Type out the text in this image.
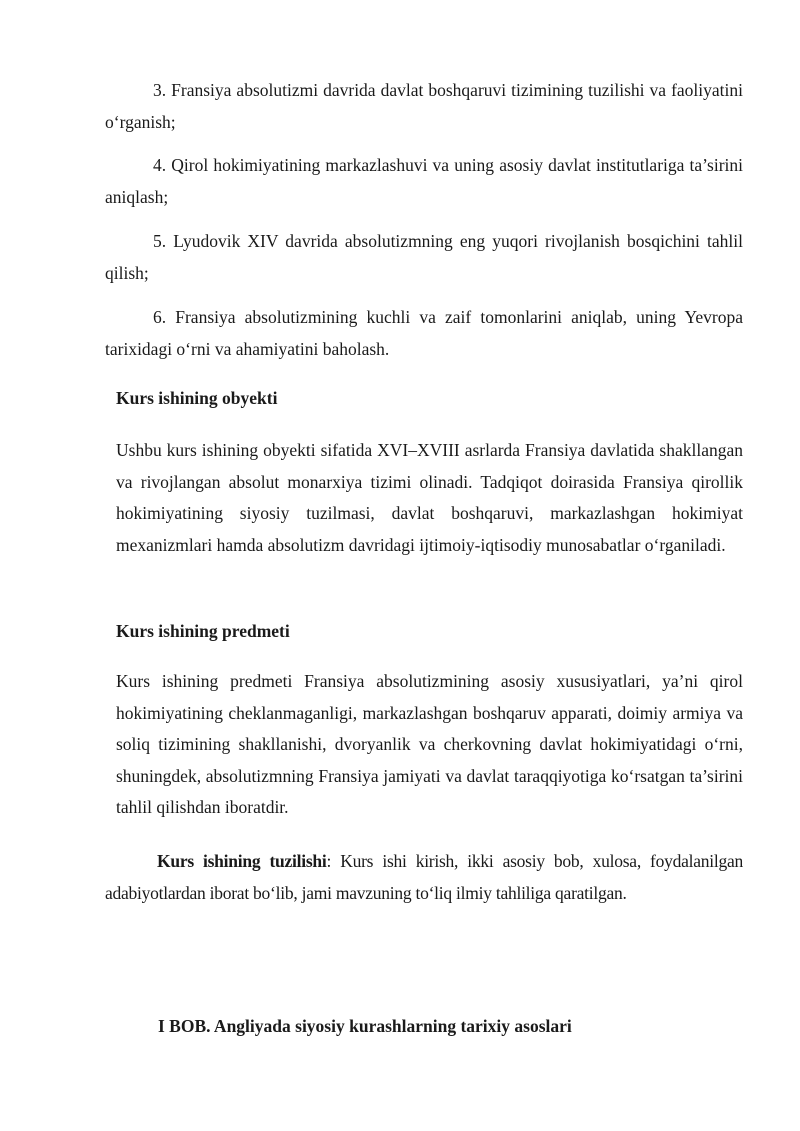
3. Fransiya absolutizmi davrida davlat boshqaruvi tizimining tuzilishi va faoliyatini o‘rganish;

4. Qirol hokimiyatining markazlashuvi va uning asosiy davlat institutlariga ta’sirini aniqlash;

5. Lyudovik XIV davrida absolutizmning eng yuqori rivojlanish bosqichini tahlil qilish;

6. Fransiya absolutizmining kuchli va zaif tomonlarini aniqlab, uning Yevropa tarixidagi o‘rni va ahamiyatini baholash.

Kurs ishining obyekti

Ushbu kurs ishining obyekti sifatida XVI–XVIII asrlarda Fransiya davlatida shakllangan va rivojlangan absolut monarxiya tizimi olinadi. Tadqiqot doirasida Fransiya qirollik hokimiyatining siyosiy tuzilmasi, davlat boshqaruvi, markazlashgan hokimiyat mexanizmlari hamda absolutizm davridagi ijtimoiy-iqtisodiy munosabatlar o‘rganiladi.

Kurs ishining predmeti

Kurs ishining predmeti Fransiya absolutizmining asosiy xususiyatlari, ya’ni qirol hokimiyatining cheklanmaganligi, markazlashgan boshqaruv apparati, doimiy armiya va soliq tizimining shakllanishi, dvoryanlik va cherkovning davlat hokimiyatidagi o‘rni, shuningdek, absolutizmning Fransiya jamiyati va davlat taraqqiyotiga ko‘rsatgan ta’sirini tahlil qilishdan iboratdir.

Kurs ishining tuzilishi: Kurs ishi kirish, ikki asosiy bob, xulosa, foydalanilgan adabiyotlardan iborat bo‘lib, jami mavzuning to‘liq ilmiy tahliliga qaratilgan.

I BOB. Angliyada siyosiy kurashlarning tarixiy asoslari
